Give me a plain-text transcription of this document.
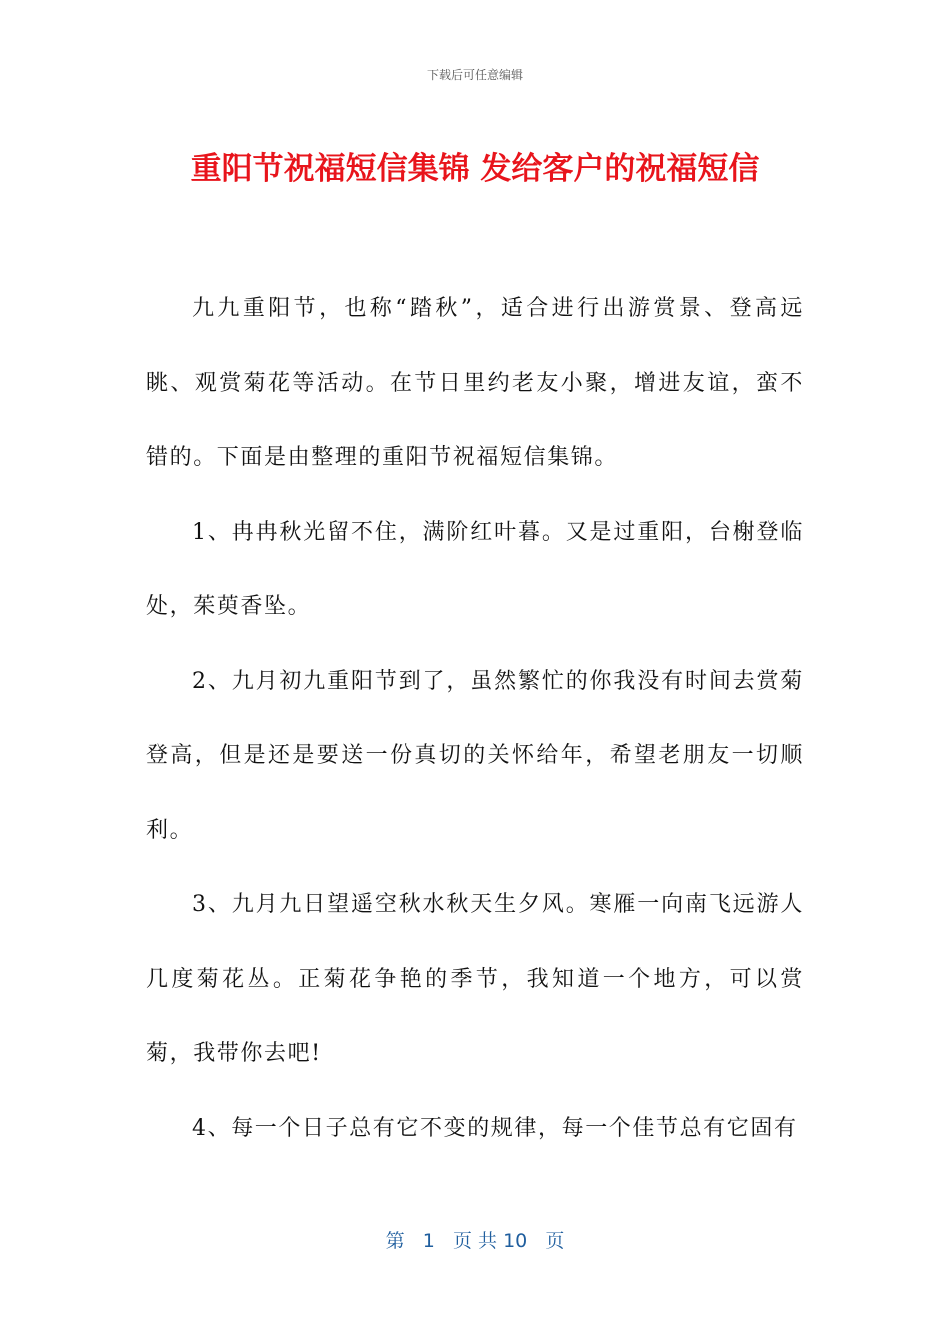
下载后可任意编辑
重阳节祝福短信集锦 发给客户的祝福短信

九九重阳节，也称“踏秋”，适合进行出游赏景、登高远眺、观赏菊花等活动。在节日里约老友小聚，增进友谊，蛮不错的。下面是由整理的重阳节祝福短信集锦。

1、冉冉秋光留不住，满阶红叶暮。又是过重阳，台榭登临处，茱萸香坠。

2、九月初九重阳节到了，虽然繁忙的你我没有时间去赏菊登高，但是还是要送一份真切的关怀给年，希望老朋友一切顺利。

3、九月九日望遥空秋水秋天生夕风。寒雁一向南飞远游人几度菊花丛。正菊花争艳的季节，我知道一个地方，可以赏菊，我带你去吧!

4、每一个日子总有它不变的规律，每一个佳节总有它固有

第 1 页 共 10 页
